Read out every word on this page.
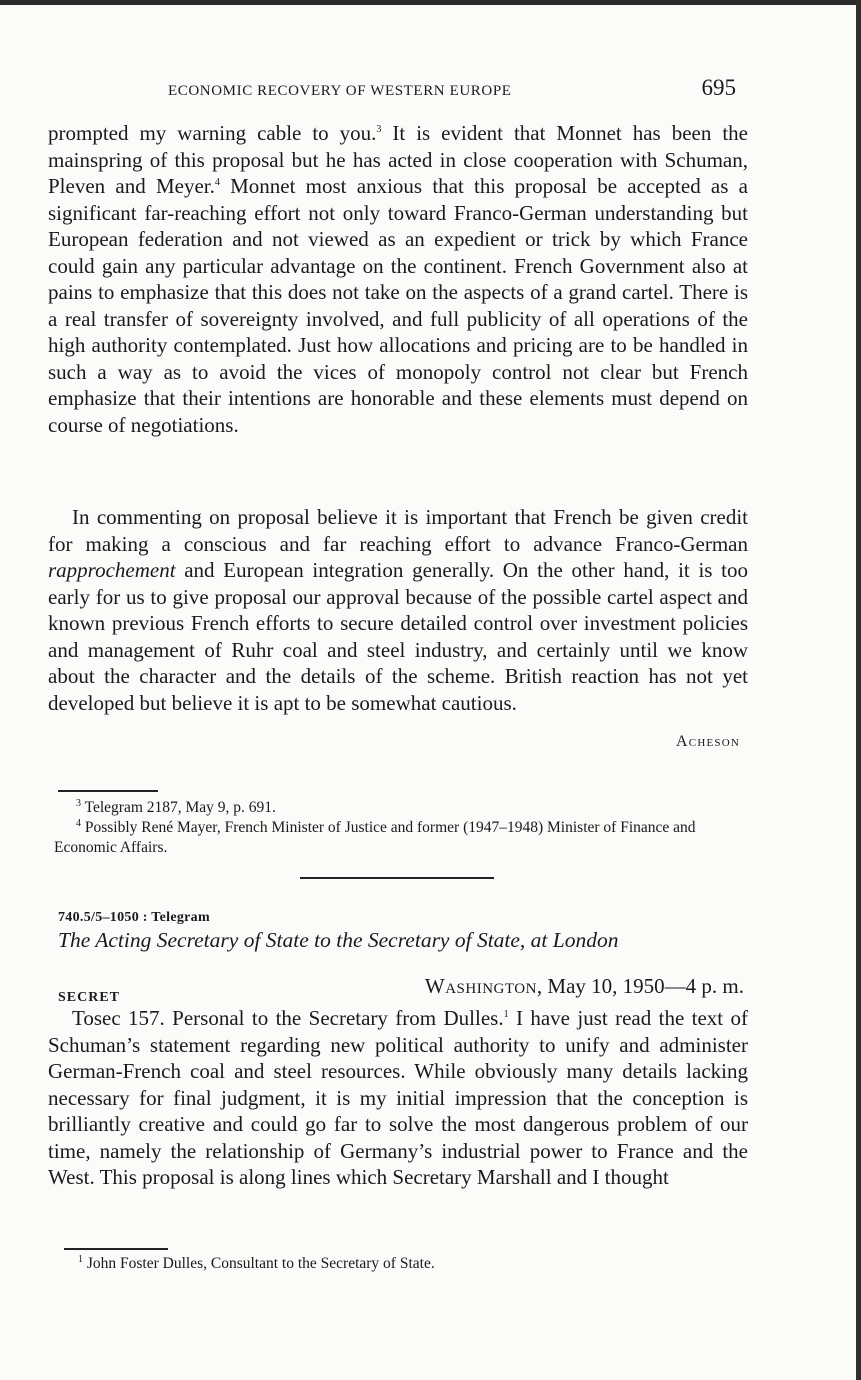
ECONOMIC RECOVERY OF WESTERN EUROPE	695

prompted my warning cable to you.$^3$ It is evident that Monnet has been the mainspring of this proposal but he has acted in close cooperation with Schuman, Pleven and Meyer.$^4$ Monnet most anxious that this proposal be accepted as a significant far-reaching effort not only toward Franco-German understanding but European federation and not viewed as an expedient or trick by which France could gain any particular advantage on the continent. French Government also at pains to emphasize that this does not take on the aspects of a grand cartel. There is a real transfer of sovereignty involved, and full publicity of all operations of the high authority contemplated. Just how allocations and pricing are to be handled in such a way as to avoid the vices of monopoly control not clear but French emphasize that their intentions are honorable and these elements must depend on course of negotiations.

In commenting on proposal believe it is important that French be given credit for making a conscious and far reaching effort to advance Franco-German rapprochement and European integration generally. On the other hand, it is too early for us to give proposal our approval because of the possible cartel aspect and known previous French efforts to secure detailed control over investment policies and management of Ruhr coal and steel industry, and certainly until we know about the character and the details of the scheme. British reaction has not yet developed but believe it is apt to be somewhat cautious.

Acheson

$^3$ Telegram 2187, May 9, p. 691.

$^4$ Possibly René Mayer, French Minister of Justice and former (1947–1948) Minister of Finance and Economic Affairs.

740.5/5–1050 : Telegram
The Acting Secretary of State to the Secretary of State, at London
SECRET	Washington, May 10, 1950—4 p. m.

Tosec 157. Personal to the Secretary from Dulles.$^1$ I have just read the text of Schuman’s statement regarding new political authority to unify and administer German-French coal and steel resources. While obviously many details lacking necessary for final judgment, it is my initial impression that the conception is brilliantly creative and could go far to solve the most dangerous problem of our time, namely the relationship of Germany’s industrial power to France and the West. This proposal is along lines which Secretary Marshall and I thought

$^1$ John Foster Dulles, Consultant to the Secretary of State.
